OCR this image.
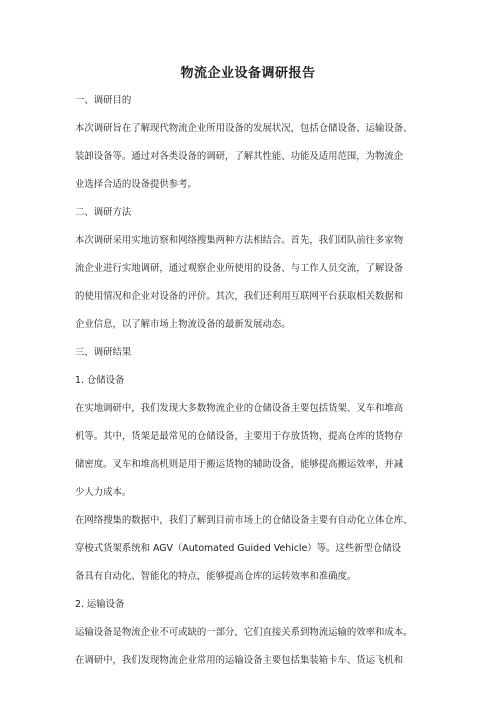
物流企业设备调研报告
一、调研目的
本次调研旨在了解现代物流企业所用设备的发展状况，包括仓储设备、运输设备、
装卸设备等。通过对各类设备的调研，了解其性能、功能及适用范围，为物流企
业选择合适的设备提供参考。
二、调研方法
本次调研采用实地访察和网络搜集两种方法相结合。首先，我们团队前往多家物
流企业进行实地调研，通过观察企业所使用的设备、与工作人员交流，了解设备
的使用情况和企业对设备的评价。其次，我们还利用互联网平台获取相关数据和
企业信息，以了解市场上物流设备的最新发展动态。
三、调研结果
1. 仓储设备
在实地调研中，我们发现大多数物流企业的仓储设备主要包括货架、叉车和堆高
机等。其中，货架是最常见的仓储设备，主要用于存放货物，提高仓库的货物存
储密度。叉车和堆高机则是用于搬运货物的辅助设备，能够提高搬运效率，并减
少人力成本。
在网络搜集的数据中，我们了解到目前市场上的仓储设备主要有自动化立体仓库、
穿梭式货架系统和 AGV（Automated Guided Vehicle）等。这些新型仓储设
备具有自动化、智能化的特点，能够提高仓库的运转效率和准确度。
2. 运输设备
运输设备是物流企业不可或缺的一部分，它们直接关系到物流运输的效率和成本。
在调研中，我们发现物流企业常用的运输设备主要包括集装箱卡车、货运飞机和
